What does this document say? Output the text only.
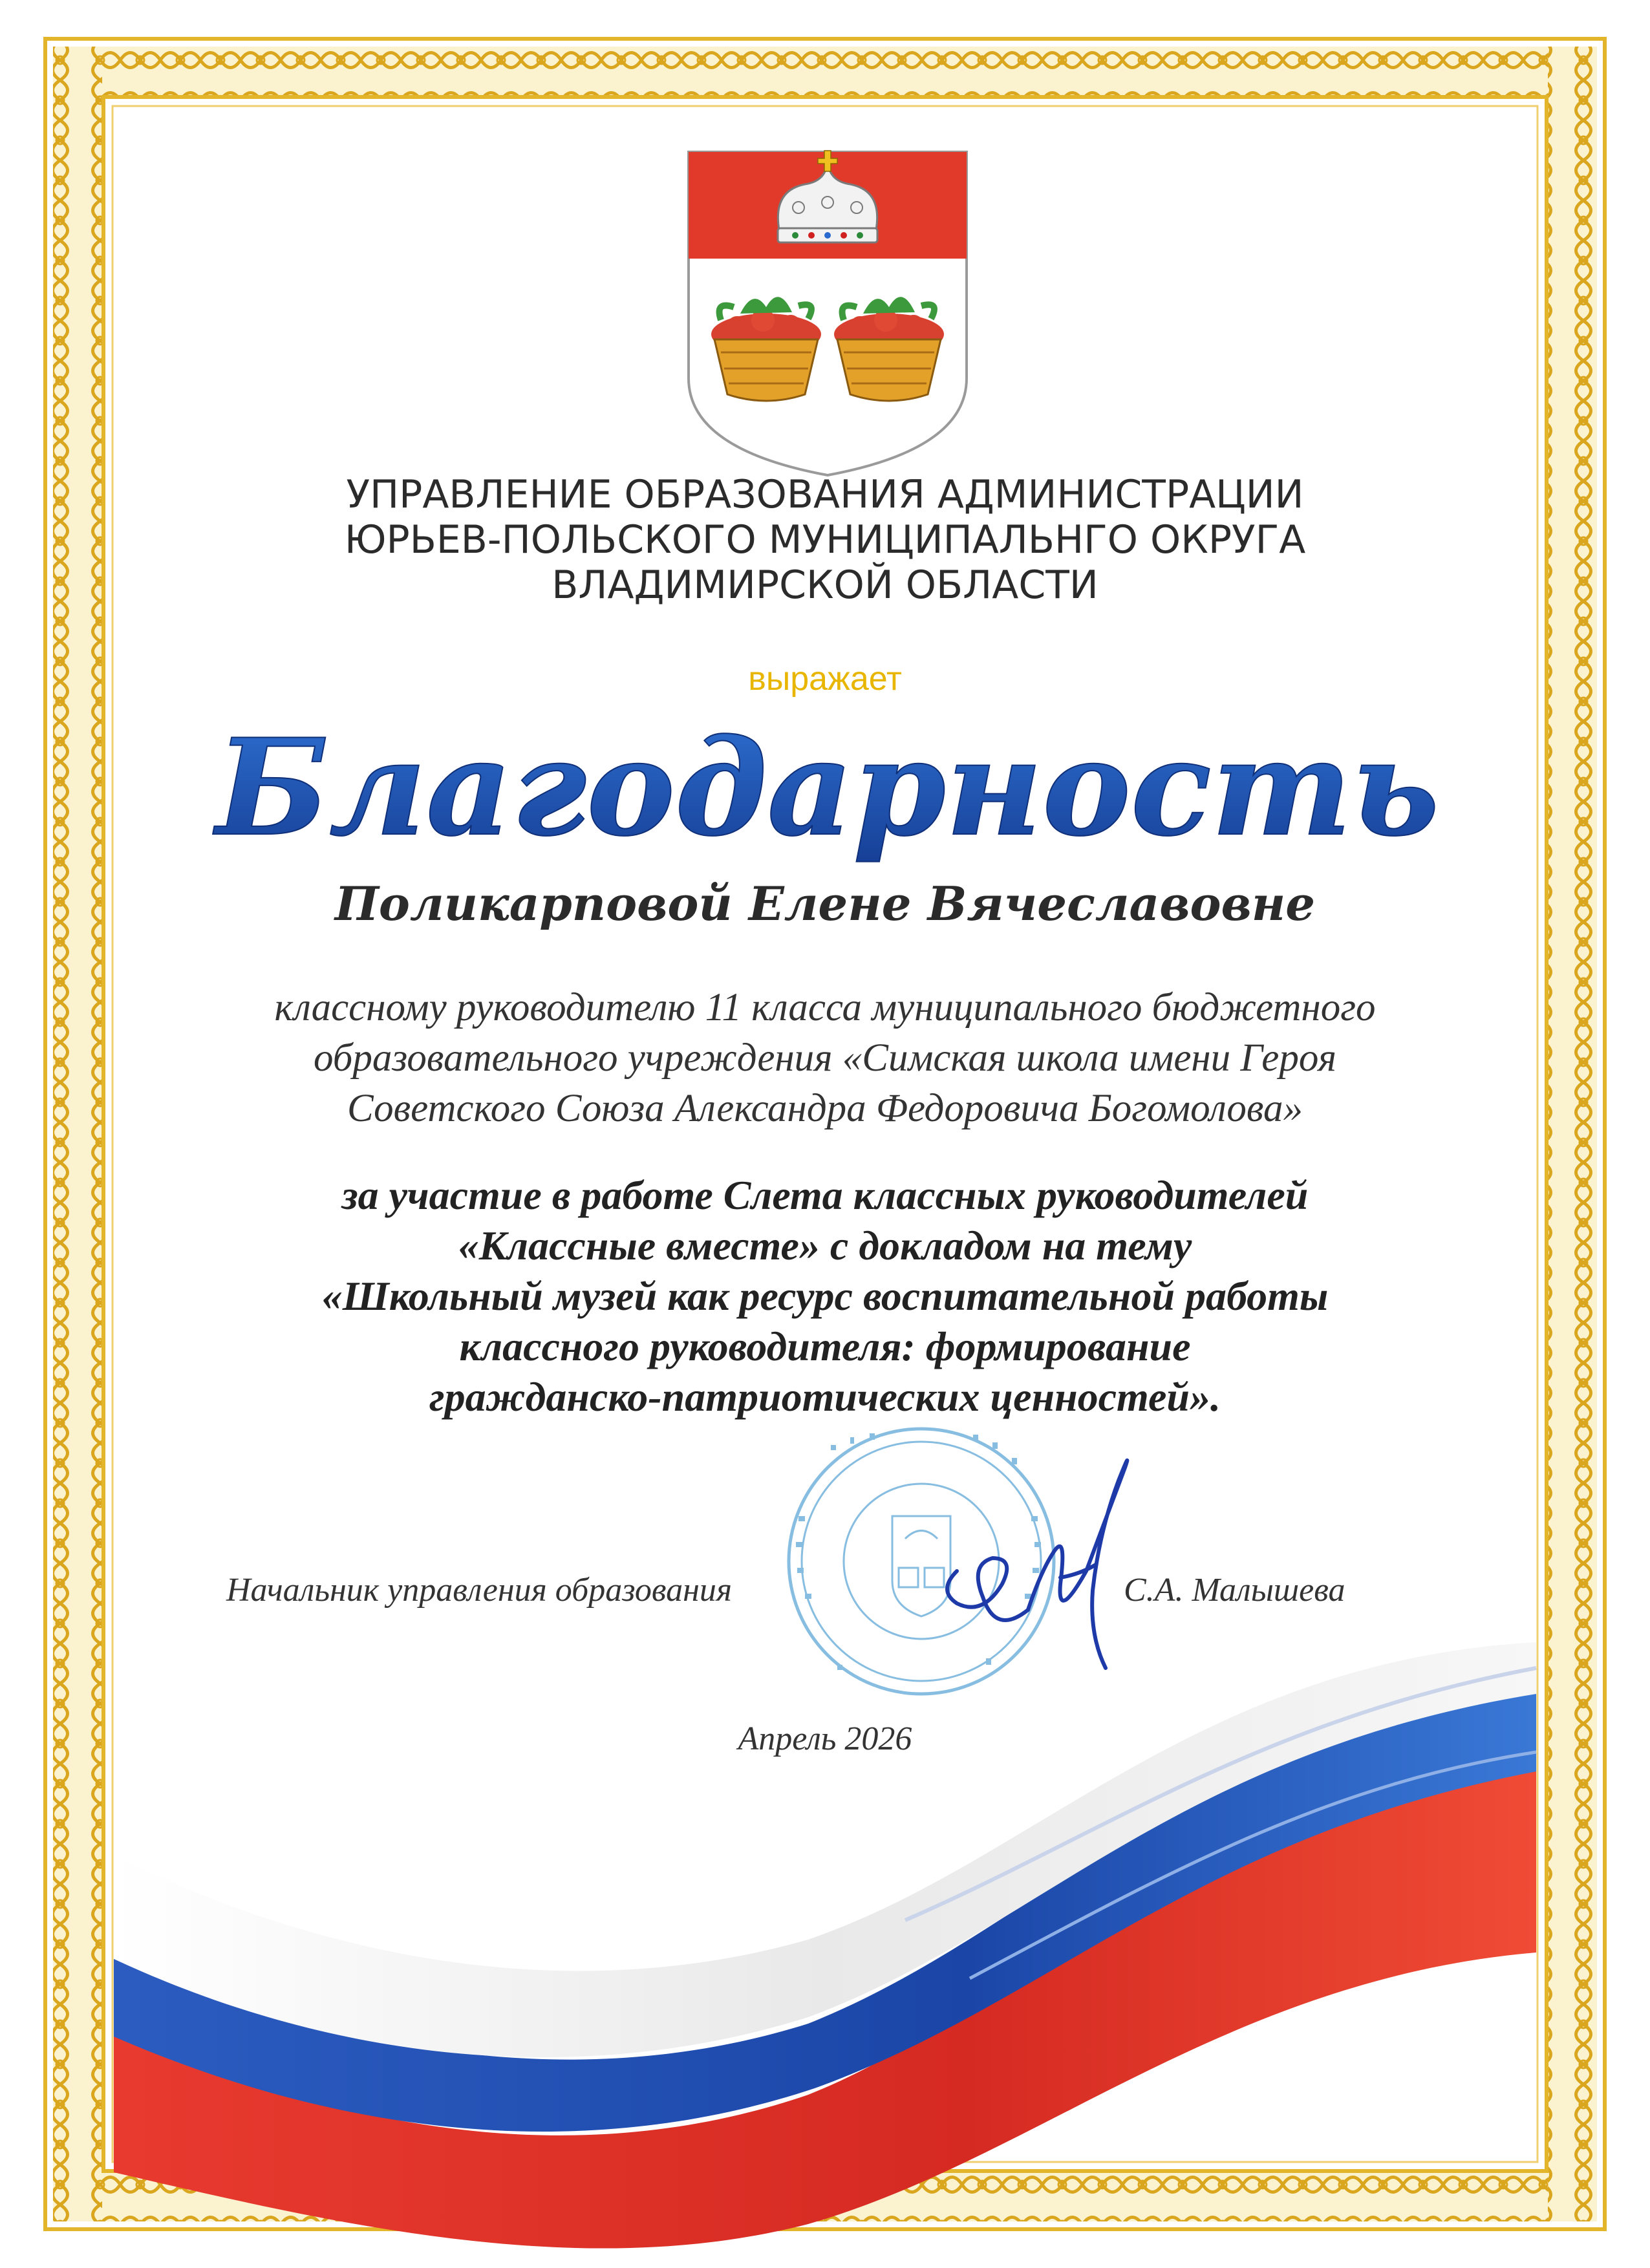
УПРАВЛЕНИЕ ОБРАЗОВАНИЯ АДМИНИСТРАЦИИ
ЮРЬЕВ-ПОЛЬСКОГО МУНИЦИПАЛЬНГО ОКРУГА
ВЛАДИМИРСКОЙ ОБЛАСТИ
выражает
Благодарность
Поликарповой Елене Вячеславовне
классному руководителю 11 класса муниципального бюджетного
образовательного учреждения «Симская школа имени Героя
Советского Союза Александра Федоровича Богомолова»
за участие в работе Слета классных руководителей
«Классные вместе» с докладом на тему
«Школьный музей как ресурс воспитательной работы
классного руководителя: формирование
гражданско-патриотических ценностей».
Начальник управления образования	С.А. Малышева
Апрель 2026
